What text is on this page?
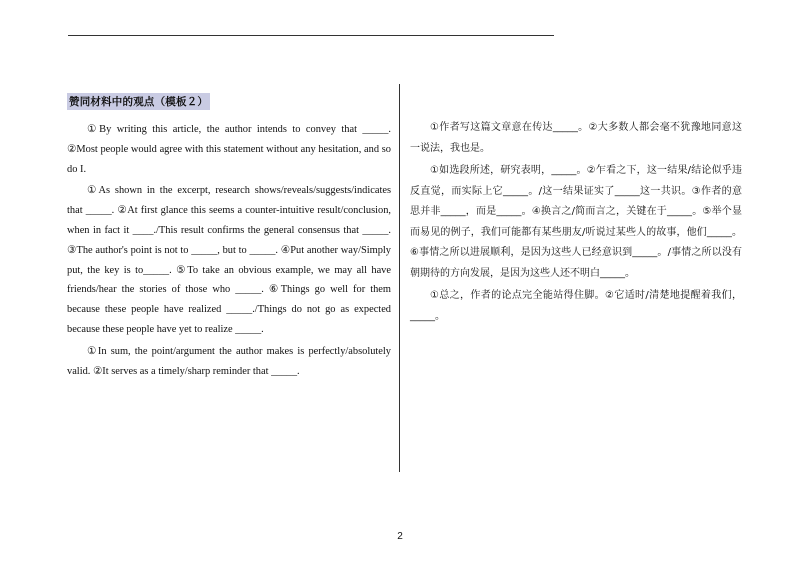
赞同材料中的观点（模板２）

①By writing this article, the author intends to convey that _____. ②Most people would agree with this statement without any hesitation, and so do I.

①As shown in the excerpt, research shows/reveals/suggests/indicates that _____. ②At first glance this seems a counter-intuitive result/conclusion, when in fact it ____./This result confirms the general consensus that _____. ③The author's point is not to _____, but to _____. ④Put another way/Simply put, the key is to_____. ⑤To take an obvious example, we may all have friends/hear the stories of those who _____. ⑥Things go well for them because these people have realized _____./Things do not go as expected because these people have yet to realize _____.

①In sum, the point/argument the author makes is perfectly/absolutely valid. ②It serves as a timely/sharp reminder that _____.

①作者写这篇文章意在传达_____。②大多数人都会毫不犹豫地同意这一说法，我也是。

①如选段所述，研究表明，_____。②乍看之下，这一结果/结论似乎违反直觉，而实际上它_____。/这一结果证实了_____这一共识。③作者的意思并非_____，而是_____。④换言之/简而言之，关键在于_____。⑤举个显而易见的例子，我们可能都有某些朋友/听说过某些人的故事，他们_____。⑥事情之所以进展顺利，是因为这些人已经意识到_____。/事情之所以没有朝期待的方向发展，是因为这些人还不明白_____。

①总之，作者的论点完全能站得住脚。②它适时/清楚地提醒着我们，_____。

2
